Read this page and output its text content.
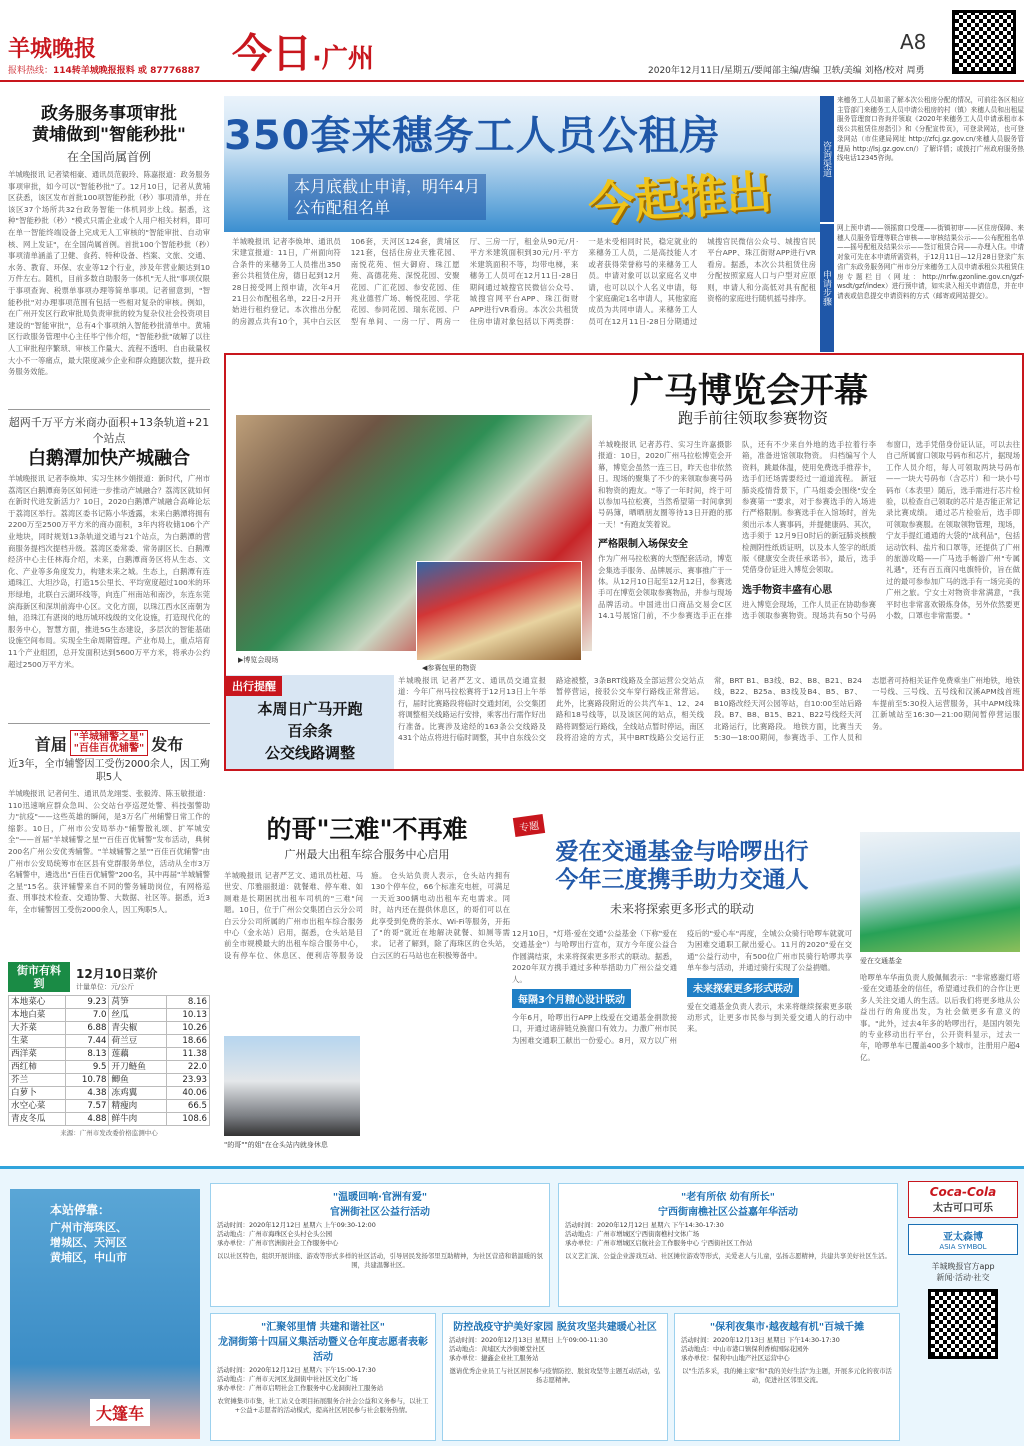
羊城晚报
报料热线：114转羊城晚报报料 或 87776887 今日·广州
A8
2020年12月11日/星期五/要闻部主编/唐编 卫轶/美编 刘格/校对 周勇
政务服务事项审批
黄埔做到"智能秒批"
在全国尚属首例
羊城晚报讯 记者梁相豪、通讯员范毅玲、陈嘉报道：政务服务事项审批，如今可以"智能秒批"了。12月10日，记者从黄埔区获悉，该区发布首批100项智能秒批（秒）事项清单，并在该区37个场所共32台政务智能一体机同步上线。据悉，这种"智能秒批（秒）"模式只需企业或个人用户相关材料，即可在单一智能终端设备上完成无人工审核的"智能审批、自动审核、网上发证"，在全国尚属首例。首批100个智能秒批（秒）事项清单涵盖了卫健、食药、特种设备、档案、文旅、交通、水务、教育、环保、农业等12个行业，涉及年营业额达到10万件左右。随机，目前多数自助服务一体机"无人批"事项仅限于事项查询、税票单事项办理等简单事项。记者留意到，"智能秒批"对办理事项范围有包括一些相对复杂的审核。例如，在广州开发区行政审批局负责审批的较为复杂仪社会投资项目建设的"智能审批"，总有4个事项纳入智能秒批清单中。黄埔区行政服务管理中心主任毕宁伟介绍，"智能秒批"破解了以往人工审批程序繁琐、审核工作量大、流程不透明、自由裁量权大小不一等痛点，最大限度减少企业和群众跑腿次数，提升政务服务效能。
超两千万平方米商办面积+13条轨道+21个站点
白鹅潭加快产城融合
羊城晚报讯 记者李焕坤、实习生林少娟报道：新时代，广州市荔湾区白鹅潭商务区如何进一步推动产城融合？荔湾区就如何在新时代进发新活力？10日，2020白鹅潭产城融合高峰论坛于荔湾区举行。荔湾区委书记陈小华透露，未来白鹅潭将拥有2200万至2500万平方米的商办面积，3年内将收储106个产业地块，同时规划13条轨道交通与21个站点，为白鹅潭的营商服务提档次提档升级。荔湾区委常委、常务副区长、白鹅潭经济中心主任林海介绍，未来，白鹅潭商务区将从生态、文化、产业等多角度发力，构建未来之城。生态上，白鹅潭有连通珠江、大坦沙岛，打造15公里长、平均宽度超过100米的环形绿地，北联白云湖环线等，向连广州南站和南沙，东连东莞滨海新区和深圳前海中心区。文化方面，以珠江西水区南朝为轴，沿珠江有湛岗的地历城环线级的文化设施，打造现代化的服务中心，智慧方面，推进5G生态建设，多层次的智能基础设施空间布局。实现全生命周期管理。产业布局上，重点培育11个产业组团，总开发面积达到5600万平方米，将承办公约超过2500万平方米。
首届 "羊城辅警之星"
"百佳百优辅警" 发布
近3年，全市辅警因工受伤2000余人，因工殉职5人
羊城晚报讯 记者何生、通讯员龙翊雯、张毅涛、陈玉敏报道：110迅速响应群众急叫、公交站台亭巡逻处警、科技强警助力"抗疫"——这些英雄的瞬间，是3万名广州辅警日常工作的缩影。10日，广州市公安局举办"辅警散礼颂、扩军城安全"——首届"羊城辅警之星""百佳百优辅警"发布活动，典树200名广州公安优秀辅警。"羊城辅警之星""百佳百优辅警"由广州市公安局统筹市在区县有党群服务单位，活动从全市3万名辅警中，遴选出"百佳百优辅警"200名，其中再届"羊城辅警之星"15名。获评辅警来自不同的警务辅助岗位，有网格巡查、刑事技术检查、交通协警、大数据、社区等。据悉，近3年，全市辅警因工受伤2000余人，因工殉职5人。
街市有料到
12月10日菜价
计量单位：元/公斤
本地菜心	9.23	莴笋	8.16
本地白菜	7.0	丝瓜	10.13
大芥菜	6.88	青尖椒	10.26
生菜	7.44	荷兰豆	18.66
西洋菜	8.13	莲藕	11.38
西红柿	9.5	开刀鲢鱼	22.0
芥兰	10.78	鲫鱼	23.93
白萝卜	4.38	冻鸡翼	40.06
水空心菜	7.57	精瘦肉	66.5
青皮冬瓜	4.88	鲜牛肉	108.6
来源：广州市发改委价格监测中心
350套来穗务工人员公租房
本月底截止申请，明年4月
公布配租名单	今起推出
羊城晚报讯 记者李焕坤、通讯员宋建宣报道：11日，广州面向符合条件的来穗务工人员推出350套公共租赁住房，德日起到12月28日接受网上预申请，次年4月21日公布配租名单，22日-2月开始进行租约登记。本次推出分配的房源点共有10个，其中白云区106套，天河区124套，黄埔区121套，包括住房业天雅花园、南悦花苑、恒大御府、珠江愿苑、高德花苑、深悦花园、安聚花园、广汇花园、参安花园、佳兆业德哲广场、畅悦花园、学花花园、参同花园、瑞东花园、户型有单间、一房一厅、两房一厅、三房一厅，租金从90元/月·平方米建筑面积到30元/月·平方米建筑面积不等，均带电梯，来穗务工人员可在12月11日-28日期间通过城搜官民微信公众号、城搜官网平台APP、珠江街财APP进行VR看房。本次公共租赁住房申请对象包括以下两类群：一是未受相同时民，稳定就业的来穗务工人员，二是高技能人才或者获得荣誉称号的来穗务工人员。申请对象可以以家庭名义申请，也可以以个人名义申请，每个家庭确定1名申请人，其他家庭成员为共同申请人。来穗务工人员可在12月11日-28日分期通过城搜官民微信公众号、城搜官民平台APP、珠江街财APP进行VR看房。据悉，本次公共租赁住房分配按照家庭人口与户型对应原则，申请人和分高低对具有配租资格的家庭进行随机摇号排序。
咨询渠道
来穗务工人员如需了解本次公租房分配的情况，可前往各区相应主管部门来穗务工人员申请公租房的村（镇）来穗人员和出租屋服务管理窗口咨询并领取《2020年来穗务工人员申请承租市本级公共租赁住房指引》和《分配宣传页》，可登录网站，也可登录网站（市住建局网址 http://zfcj.gz.gov.cn/来穗人员服务管理局 http://lsj.gz.gov.cn/）了解详情；或拨打广州政府服务热线电话12345咨询。
申请步骤
网上预申请——领摇窗口受理——街镇初审——区住房保障、来穗人员服务管理等联合审核——审核结果公示——公布配租名单——摇号配租及结果公示——签订租赁合同——办理入住。申请对象可先在本申请所需资料，于12月11日—12月28日登录广东省广东政务服务网广州市分厅来穗务工人员申请承租公共租赁住房专题栏目（网址：http://nrfw.gzonline.gov.cn/gzf-wsdt/gzf/index）进行预申请，如实录入相关申请信息，并在申请表或信息提交申请资料的方式（邮寄或网站提交）。
广马博览会开幕
跑手前往领取参赛物资
▶博览会现场
◀参赛包里的物资
羊城晚报讯 记者苏荇、实习生许嘉摄影报道：10日，2020广州马拉松博览会开幕，博览会虽然一连三日，昨天也非依然日。现场的聚集了不少的来领取参赛号码和物资的跑友。"等了一年时间，终于可以参加马拉松赛，当然希望第一时间拿到号码簿，晒晒朋友圈等待13日开跑的那一天！"有跑友笑着说。
严格限制入场保安全
作为广州马拉松赛的大型配套活动，博览会集选手服务、品牌展示、赛事推广于一体。从12月10日起至12月12日，参赛选手可在博览会领取参赛物品，并参与现场品牌活动。中国进出口商品交易会C区14.1号展馆门前，不少参赛选手正在排队，还有不少来自外地的选手拉着行李箱，准备进馆领取物资。 归档编写个人资料，跳最体温，使用免费选手推荐卡，选手们还场需要经过一道道流程。 新冠肺炎疫情背景下，广马组委会围绕"安全参赛第一"要求，对于参赛选手的入场进行严格限制。参赛选手在入馆场时，首先须出示本人赛事码，并提健康码、其次，选手须于 12月9日0时后的新冠肺炎核酸检测阴性纸质证明，以及本人签字的纸质版《健康安全责任承诺书》，最后，选手凭借身份证进入博览会领取。
选手物资丰盛有心思
进入博览会现场，工作人员正在协助参赛选手领取参赛物资。现场共有50个号码布窗口，选手凭借身份证认证，可以去往自己所属窗口领取号码布和芯片，据现场工作人员介绍，每人可领取两块号码布——一块大号码布（含芯片）和一块小号码布（本表里）随后，选手需进行芯片检验，以检查自己领取的芯片是否能正常记录比赛成绩。 通过芯片检验后，选手即可领取参赛服。在领取领物管理，现场，宁友手提红通通的大袋的"战利品"，包括运动饮料、盐片和口罩等，还提供了广州的旅游攻略——广马选手畅游广州"专属礼遇"，还有百五商闪电旗特价，旨在做过的最可参参加广马的选手有一场完美的广州之旅。宁女士对物资非常满意，"我平时也非常喜欢锻炼身体，另外依然要更小数，口罩也非常需要。"
出行提醒
本周日广马开跑
百余条
公交线路调整
羊城晚报讯 记者严艺文、通讯员交通宣报道：今年广州马拉松赛将于12月13日上午举行，届时比赛路段将临时交通封闭，公交集团将调整相关线路运行安排，乘客出行需作好出行准备。比赛涉及途经的163条公交线路及431个站点将进行临时调整，其中自东线公交路途被整，3条BRT线路及全部运营公交站点暂停营运，接驳公交车穿行路线正常营运。 此外，比赛路段附近的公共汽车1、12、24路和18号线等，以及该区间的站点，相关线路将调整运行路线，全线站点暂时停运，南区段将沿途的方式，其中BRT线路公交运行正常，BRT B1、B3线、B2、B8、B21、B24线，B22、B25a、B3线及B4、B5、B7、B10路改经天河公园等站，自10:00至站后路段。B7、B8、B15、B21、B22号线经天河北路运行，比赛路段。 地铁方面，比赛当天5:30—18:00期间，参赛选手、工作人员和志愿者可持相关证件免费乘坐广州地铁，地铁一号线、三号线、五号线和汉溪APM线首班车提前至5:30投入运营服务，其中APM线珠江新城站至16:30—21:00期间暂停营运服务。
的哥"三难"不再难
广州最大出租车综合服务中心启用
羊城晚报讯 记者严艺文、通讯员杜超、马世安、邝雅丽报道：就餐难、停车难、如厕难是长期困扰出租车司机的"三难"问题。10日，位于广州公交集团白云分公司白云分公司所属的广州市出租车综合服务中心（金永站）启用，据悉，仓头站是目前全市规模最大的出租车综合服务中心，设有停车位、休息区、便利店等服务设施。 仓头站负责人表示，仓头站内拥有130个停车位，66个标准充电桩，可满足一天近300辆电动出租车充电需求。同时，站内还在提供休息区，的哥们可以在此享受到免费的茶水、Wi-Fi等服务，开拓了"的哥"就近在地解决就餐、如厕等需求。 记者了解到，除了海珠区的仓头站，白云区的石马站也在积极筹备中。
"的哥""的姐"在仓头站内就身休息
专题
爱在交通基金与哈啰出行
今年三度携手助力交通人
未来将探索更多形式的联动
爱在交通基金
12月10日，"灯塔·爱在交通"公益基金（下称"爱在交通基金"）与哈啰出行宣布，双方今年度公益合作圆满结束，未来将探索更多形式的联动。据悉，2020年双方携手通过多种举措助力广州公益交通人。
每隔3个月精心设计联动
今年6月，哈啰出行APP上线爱在交通基金捐款接口，开通过诸辞链兑换窗口有效力。力激广州市民为困难交通职工献出一份爱心。8月，双方以广州疫后的"爱心车"再度，全城公众骑行哈啰车就就可为困难交通职工献出爱心。11月的2020"爱在交通"公益行动中，有500位广州市民骑行哈啰共享单车参与活动，并通过骑行实现了公益捐赠。
未来探索更多形式联动
爱在交通基金负责人表示，未来将继续探索更多联动形式，让更多市民参与到关爱交通人的行动中来。
哈啰单车华南负责人殷佩佩表示："非常感谢灯塔·爱在交通基金的信任，希望通过我们的合作让更多人关注交通人的生活。以后我们将更多地从公益出行的角度出发，为社会做更多有意义的事。"此外，过去4年多的哈啰出行，是国内领先的专业移动出行平台，公开资料显示，过去一年，哈啰单车已覆盖400多个城市，注册用户超4亿。
本站停靠：
广州市海珠区、
增城区、天河区
黄埔区，中山市
大篷车
"温暖回响·官洲有爱"
官洲街社区公益行活动
活动时间：2020年12月12日 星期六 上午09:30-12:00
活动地点：广州市海珠区仑头村仑头公园
承办单位：广州市官洲街社会工作服务中心
以以社区特色，组织开展讲座、游戏等形式多样的社区活动，引导居民发扬邻里互助精神，为社区营造和谐温暖的氛围，共建温馨社区。
"老有所依 幼有所长"
宁西街南樵社区公益嘉年华活动
活动时间：2020年12月12日 星期六 下午14:30-17:30
活动地点：广州市增城区宁西街南樵村文体广场
承办单位：广州市增城区启航社会工作服务中心 宁西街社区工作站
以义艺汇演、公益企业游戏互动、社区摊位游戏等形式，关爱老人与儿童，弘扬志愿精神，共建共享美好社区生活。
"汇聚邻里情 共建和谐社区"
龙洞街第十四届义集活动暨义仓年度志愿者表彰活动
活动时间：2020年12月12日 星期六 下午15:00-17:30
活动地点：广州市天河区龙洞街中社社区文化广场
承办单位：广州市启明社会工作服务中心龙洞街社工服务站
农贸摊集市市集，社工站义仓项目拓展服务合社会公益和义务参与，以社工+公益+志愿者的活动模式，提高社区居民参与社会服务热情。
防控战疫守护美好家园 脱贫攻坚共建暖心社区
活动时间：2020年12月13日 星期日 上午09:00-11:30
活动地点：黄埔区大沙街姬堂社区
承办单位：捷鑫企业社工服务站
邀请优秀企业员工与社区居民参与疫情防控、脱贫攻坚等主题互动活动，弘扬志愿精神。
"保利夜集市·越夜越有机"百城千摊
活动时间：2020年12月13日 星期日 下午14:30-17:30
活动地点：中山市港口镇保利香槟国际花园外
承办单位：保利中山地产社区运营中心
以"生活多采，我的摊主家"和"我的美好生活"为主题，开展多元化的夜市活动，促进社区邻里交流。
Coca-Cola
太古可口可乐
亚太森博
ASIA SYMBOL
羊城晚报官方app
新闻·活动·社交
